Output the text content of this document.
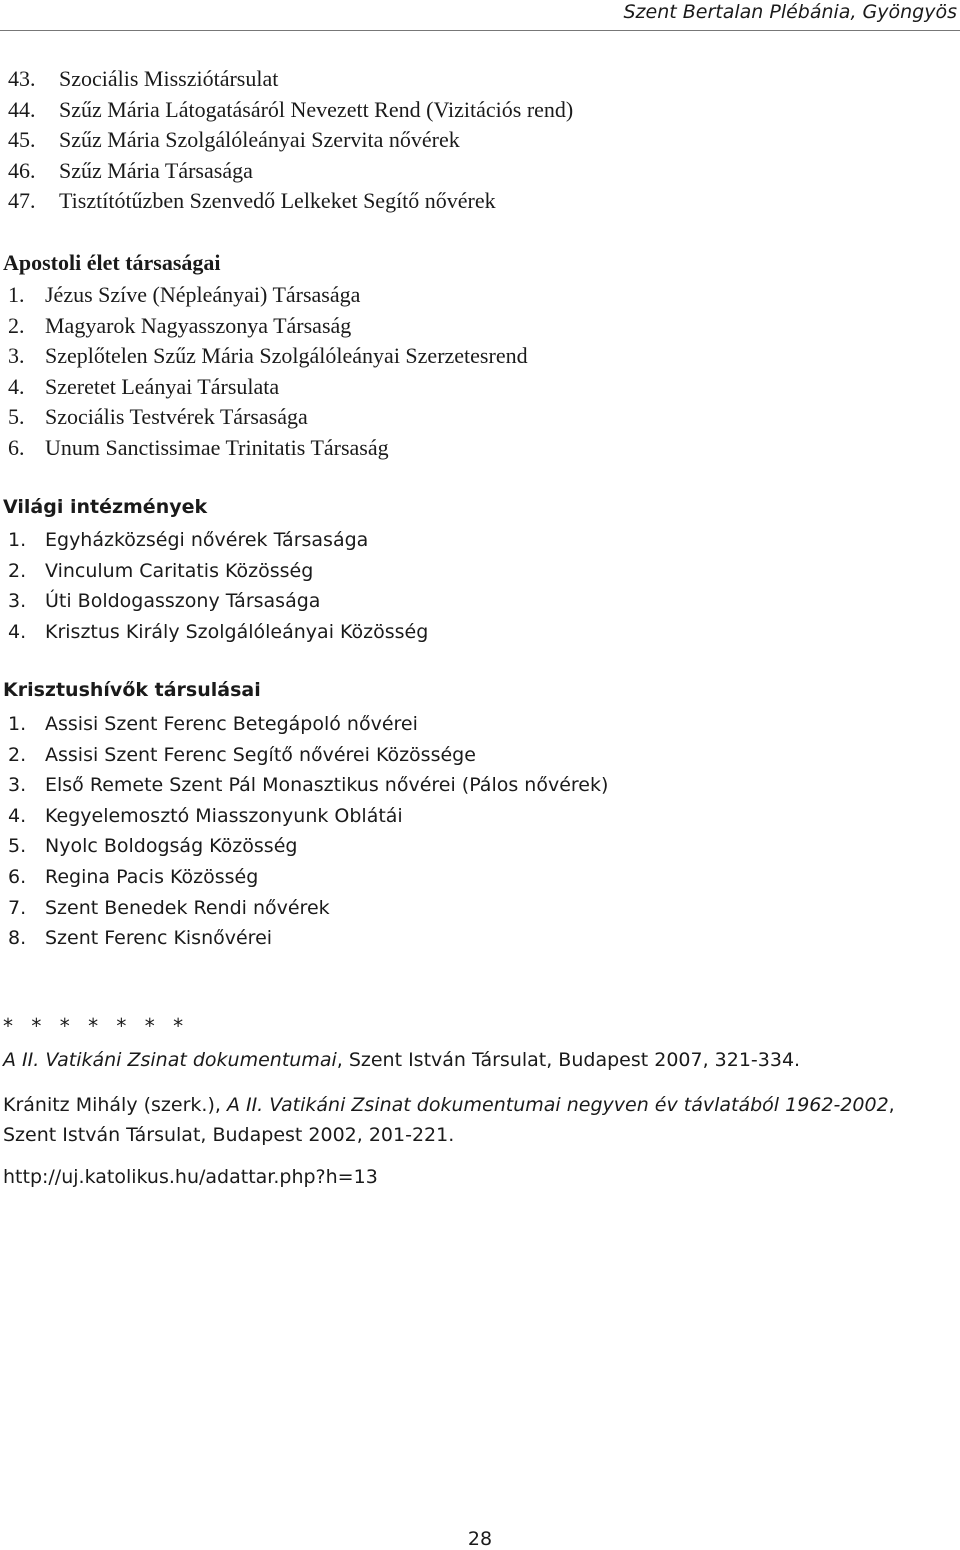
Szent Bertalan Plébánia, Gyöngyös
43. Szociális Missziótársulat
44. Szűz Mária Látogatásáról Nevezett Rend (Vizitációs rend)
45. Szűz Mária Szolgálóleányai Szervita nővérek
46. Szűz Mária Társasága
47. Tisztítótűzben Szenvedő Lelkeket Segítő nővérek
Apostoli élet társaságai
1. Jézus Szíve (Népleányai) Társasága
2. Magyarok Nagyasszonya Társaság
3. Szeplőtelen Szűz Mária Szolgálóleányai Szerzetesrend
4. Szeretet Leányai Társulata
5. Szociális Testvérek Társasága
6. Unum Sanctissimae Trinitatis Társaság
Világi intézmények
1. Egyházközségi nővérek Társasága
2. Vinculum Caritatis Közösség
3. Úti Boldogasszony Társasága
4. Krisztus Király Szolgálóleányai Közösség
Krisztushívők társulásai
1. Assisi Szent Ferenc Betegápoló nővérei
2. Assisi Szent Ferenc Segítő nővérei Közössége
3. Első Remete Szent Pál Monasztikus nővérei (Pálos nővérek)
4. Kegyelemosztó Miasszonyunk Oblátái
5. Nyolc Boldogság Közösség
6. Regina Pacis Közösség
7. Szent Benedek Rendi nővérek
8. Szent Ferenc Kisnővérei
* * * * * * *
A II. Vatikáni Zsinat dokumentumai, Szent István Társulat, Budapest 2007, 321-334.
Kránitz Mihály (szerk.), A II. Vatikáni Zsinat dokumentumai negyven év távlatából 1962-2002,
Szent István Társulat, Budapest 2002, 201-221.
http://uj.katolikus.hu/adattar.php?h=13
28
